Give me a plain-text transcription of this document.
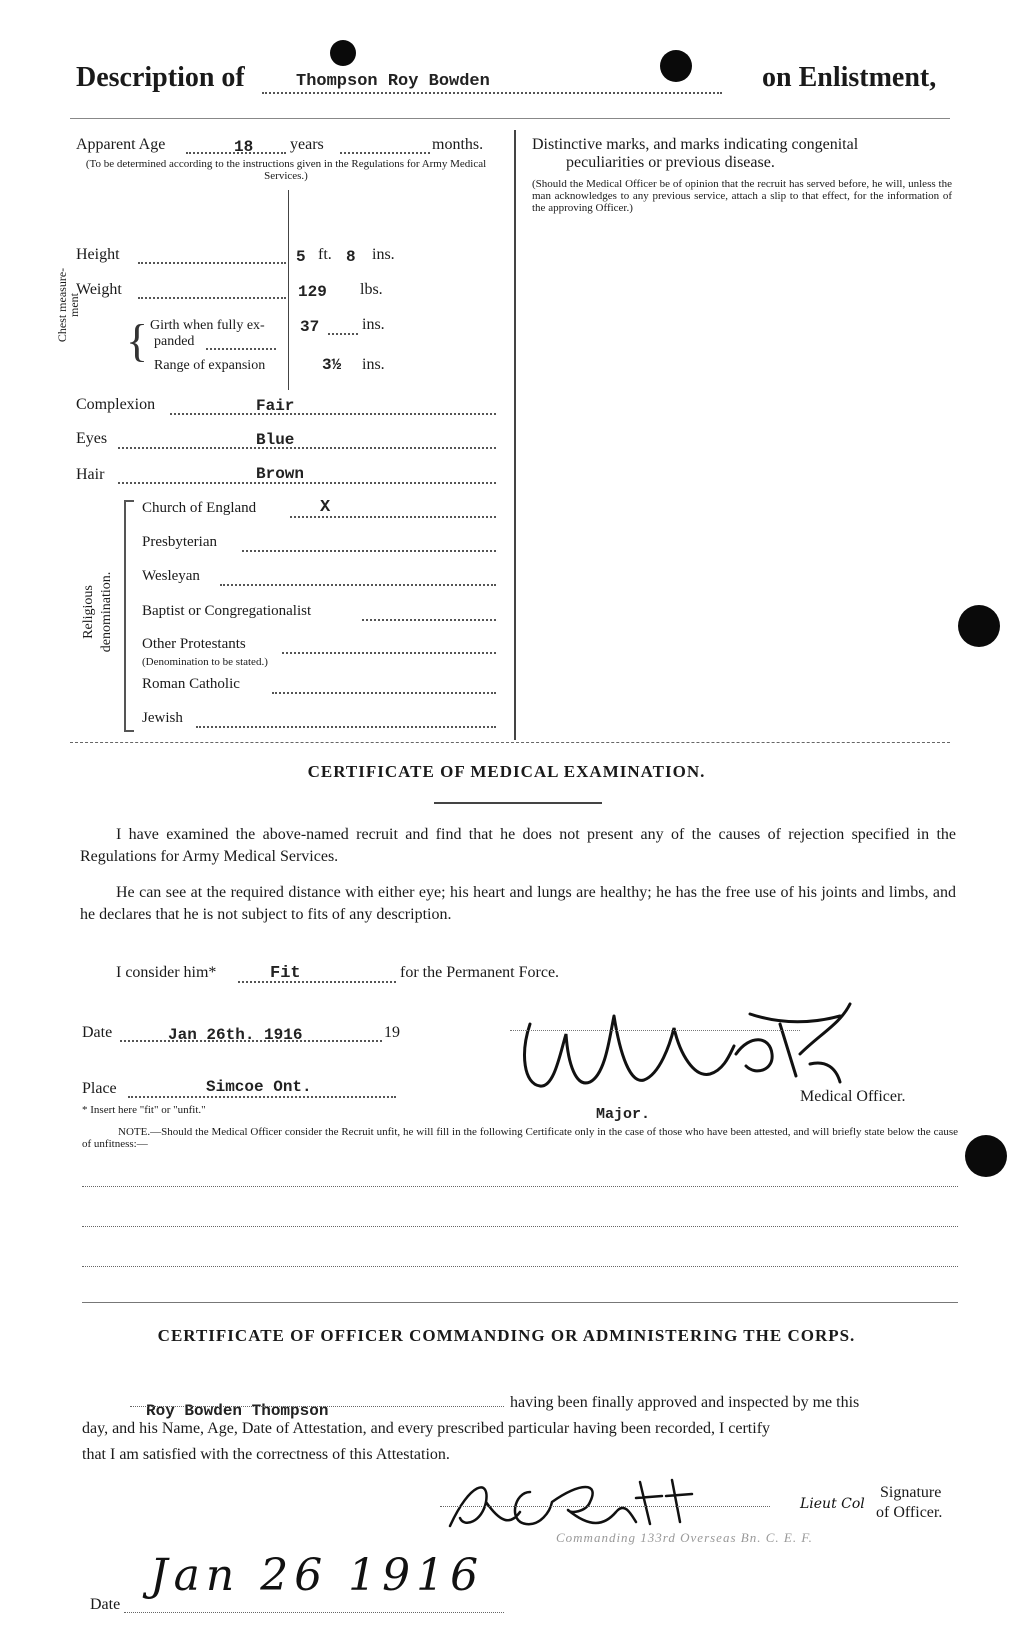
Description of	Thompson Roy Bowden	on Enlistment,
Apparent Age	18 years	months.
(To be determined according to the instructions given in the Regulations for Army Medical Services.)
Height	5 ft. 8 ins.
Weight	129 lbs.
Chest measure-ment
{ Girth when fully ex-
panded
37	ins.
Range of expansion	3½ ins.
Complexion	Fair
Eyes	Blue
Hair	Brown
Religious denomination.
Church of England	X
Presbyterian
Wesleyan
Baptist or Congregationalist
Other Protestants
(Denomination to be stated.)
Roman Catholic
Jewish
Distinctive marks, and marks indicating congenital
peculiarities or previous disease.
(Should the Medical Officer be of opinion that the recruit has served before, he will, unless the man acknowledges to any previous service, attach a slip to that effect, for the information of the approving Officer.)
CERTIFICATE OF MEDICAL EXAMINATION.
I have examined the above-named recruit and find that he does not present any of the causes of rejection specified in the Regulations for Army Medical Services.
He can see at the required distance with either eye; his heart and lungs are healthy; he has the free use of his joints and limbs, and he declares that he is not subject to fits of any description.
I consider him*	Fit	for the Permanent Force.
Date	Jan 26th. 1916	19
Place	Simcoe Ont.
* Insert here "fit" or "unfit."
Medical Officer.
Major.
NOTE.—Should the Medical Officer consider the Recruit unfit, he will fill in the following Certificate only in the case of those who have been attested, and will briefly state below the cause of unfitness:—
CERTIFICATE OF OFFICER COMMANDING OR ADMINISTERING THE CORPS.
Roy Bowden Thompson	having been finally approved and inspected by me this
day, and his Name, Age, Date of Attestation, and every prescribed particular having been recorded, I certify
that I am satisfied with the correctness of this Attestation.
Lieut Col
Commanding 133rd Overseas Bn. C. E. F.
Signature
of Officer.
Date
Jan 26 1916
